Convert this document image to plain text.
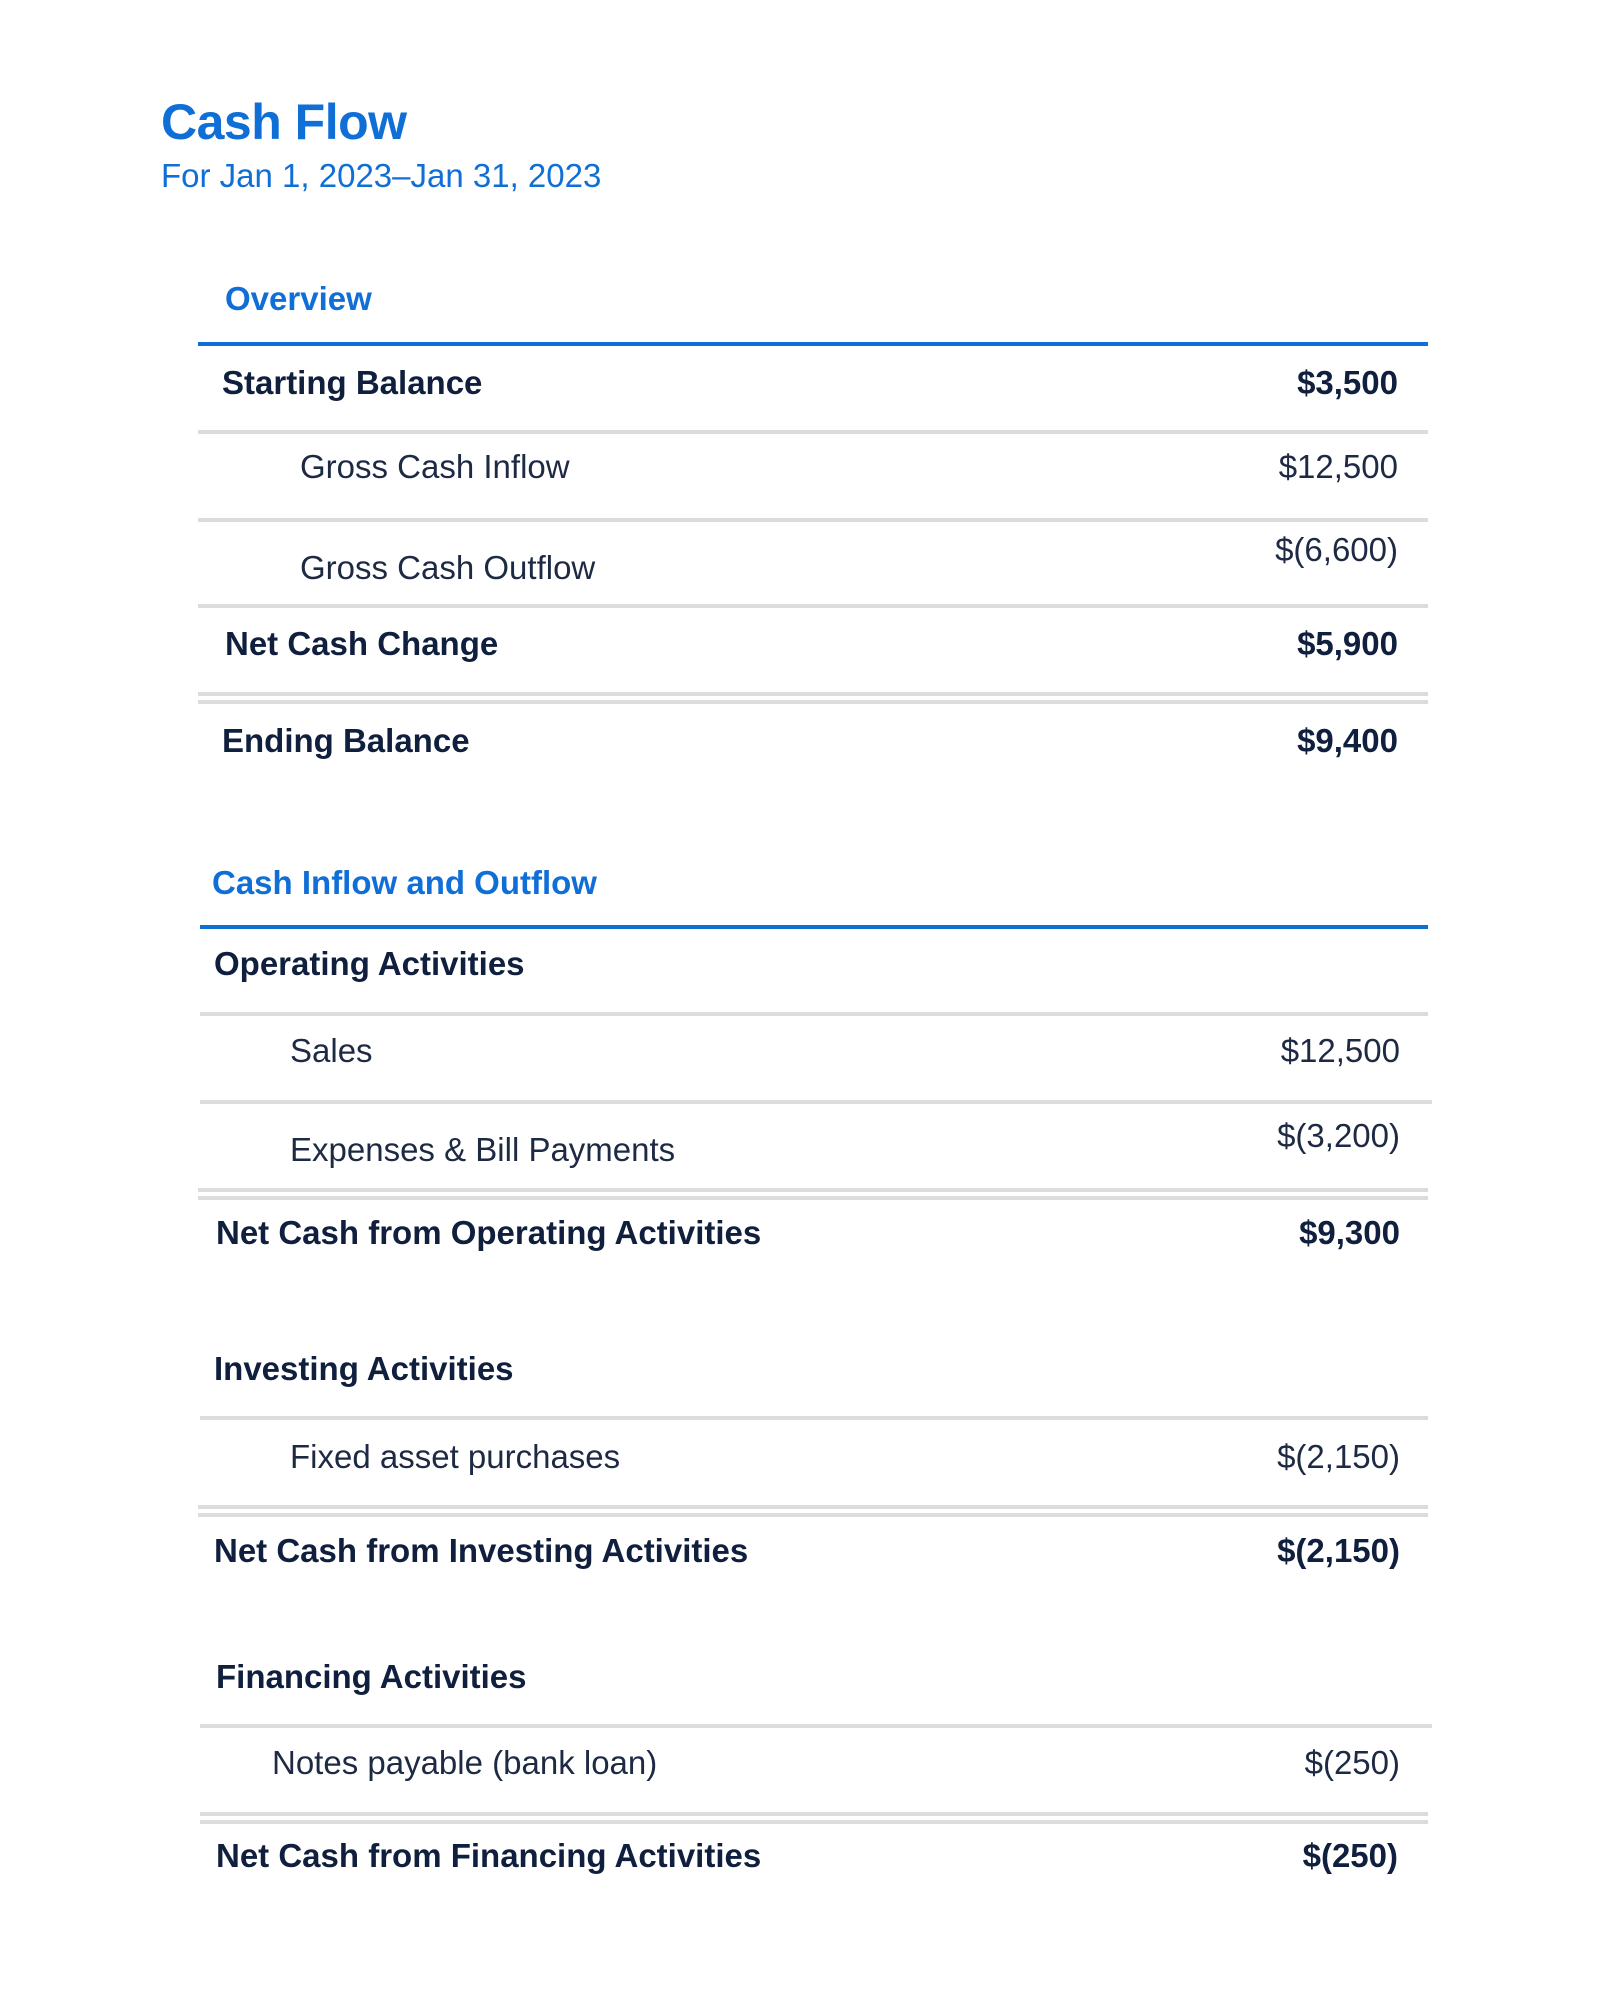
Cash Flow
For Jan 1, 2023–Jan 31, 2023
Overview
Starting Balance	$3,500
Gross Cash Inflow	$12,500
Gross Cash Outflow	$(6,600)
Net Cash Change	$5,900
Ending Balance	$9,400
Cash Inflow and Outflow
Operating Activities
Sales	$12,500
Expenses & Bill Payments	$(3,200)
Net Cash from Operating Activities	$9,300
Investing Activities
Fixed asset purchases	$(2,150)
Net Cash from Investing Activities	$(2,150)
Financing Activities
Notes payable (bank loan)	$(250)
Net Cash from Financing Activities	$(250)
